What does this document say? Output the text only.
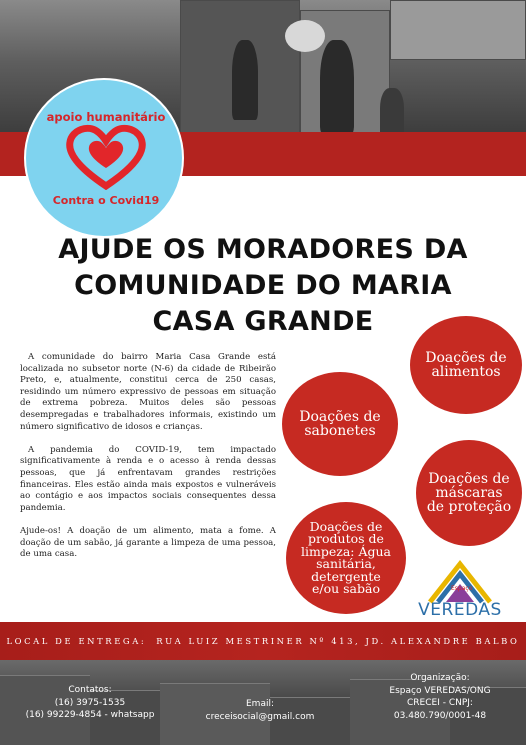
apoio humanitário
Contra o Covid19
AJUDE OS MORADORES DA
COMUNIDADE DO MARIA
CASA GRANDE

A comunidade do bairro Maria Casa Grande está localizada no subsetor norte (N-6) da cidade de Ribeirão Preto, e, atualmente, constitui cerca de 250 casas, residindo um número expressivo de pessoas em situação de extrema pobreza. Muitos deles são pessoas desempregadas e trabalhadores informais, existindo um número significativo de idosos e crianças.

A pandemia do COVID-19, tem impactado significativamente à renda e o acesso à renda dessas pessoas, que já enfrentavam grandes restrições financeiras. Eles estão ainda mais expostos e vulneráveis ao contágio e aos impactos sociais consequentes dessa pandemia.

Ajude-os! A doação de um alimento, mata a fome. A doação de um sabão, já garante a limpeza de uma pessoa, de uma casa.

Doações de alimentos
Doações de sabonetes
Doações de máscaras de proteção
Doações de produtos de limpeza: Água sanitária, detergente e/ou sabão	Espaço
VEREDAS
LOCAL DE ENTREGA: RUA LUIZ MESTRINER Nº 413, JD. ALEXANDRE BALBO
Contatos:
(16) 3975-1535
(16) 99229-4854 - whatsapp
Email:
creceisocial@gmail.com
Organização:
Espaço VEREDAS/ONG
CRECEI - CNPJ:
03.480.790/0001-48
